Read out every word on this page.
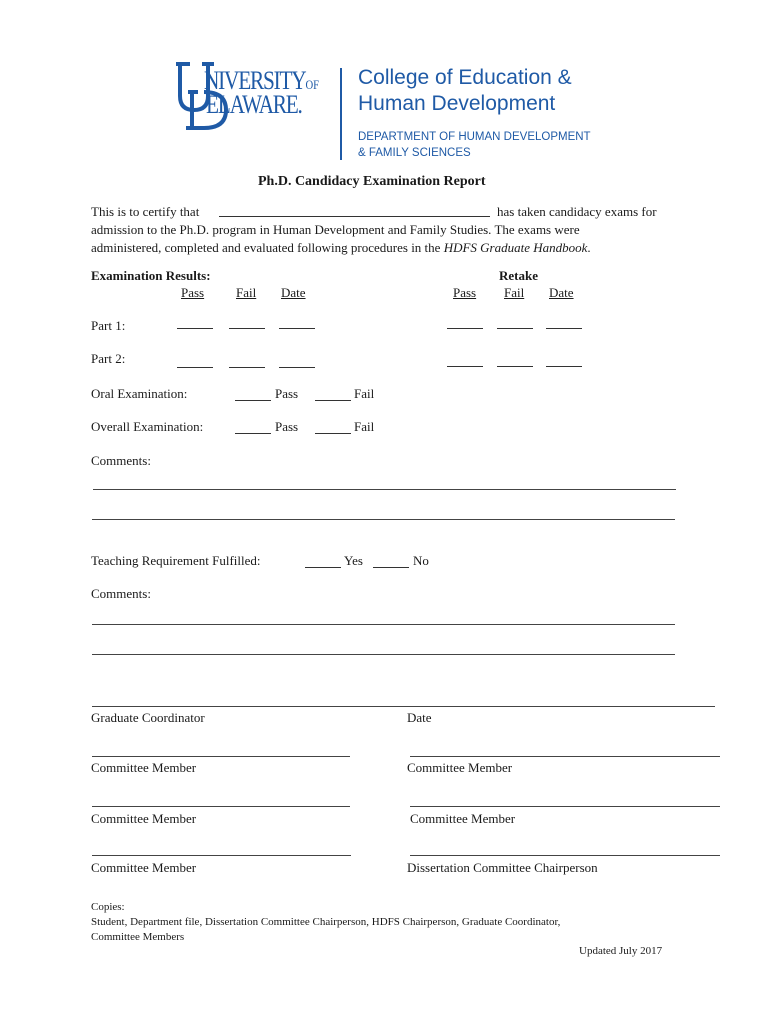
NIVERSITYOF
ELAWARE.
College of Education &
Human Development
DEPARTMENT OF HUMAN DEVELOPMENT
& FAMILY SCIENCES
Ph.D. Candidacy Examination Report
This is to certify that	has taken candidacy exams for
admission to the Ph.D. program in Human Development and Family Studies. The exams were
administered, completed and evaluated following procedures in the HDFS Graduate Handbook.
Examination Results:	Retake
Pass Fail Date	Pass Fail Date
Part 1:
Part 2:
Oral Examination:	Pass	Fail
Overall Examination:	Pass	Fail
Comments:
Teaching Requirement Fulfilled:	Yes	No
Comments:
Graduate Coordinator	Date
Committee Member	Committee Member
Committee Member	Committee Member
Committee Member	Dissertation Committee Chairperson
Copies:
Student, Department file, Dissertation Committee Chairperson, HDFS Chairperson, Graduate Coordinator,
Committee Members
Updated July 2017
